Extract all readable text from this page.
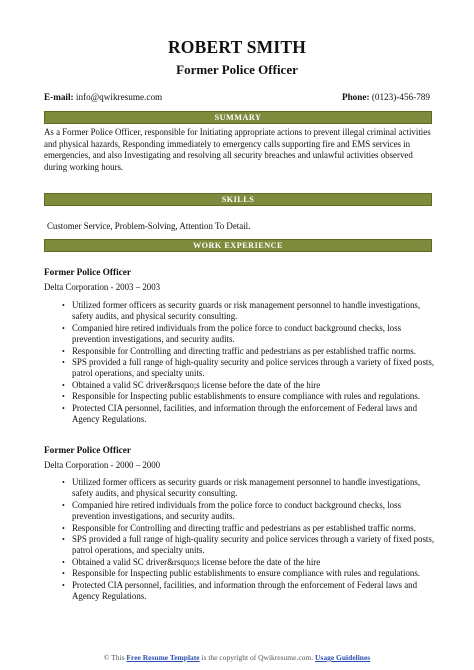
ROBERT SMITH
Former Police Officer
E-mail: info@qwikresume.com	Phone: (0123)-456-789
SUMMARY
As a Former Police Officer, responsible for Initiating appropriate actions to prevent illegal criminal activities and physical hazards, Responding immediately to emergency calls supporting fire and EMS services in emergencies, and also Investigating and resolving all security breaches and unlawful activities observed during working hours.
SKILLS
Customer Service, Problem-Solving, Attention To Detail.
WORK EXPERIENCE
Former Police Officer
Delta Corporation - 2003 – 2003
• Utilized former officers as security guards or risk management personnel to handle investigations, safety audits, and physical security consulting.
• Companied hire retired individuals from the police force to conduct background checks, loss prevention investigations, and security audits.
• Responsible for Controlling and directing traffic and pedestrians as per established traffic norms.
• SPS provided a full range of high-quality security and police services through a variety of fixed posts, patrol operations, and specialty units.
• Obtained a valid SC driver&rsquo;s license before the date of the hire
• Responsible for Inspecting public establishments to ensure compliance with rules and regulations.
• Protected CIA personnel, facilities, and information through the enforcement of Federal laws and Agency Regulations.
Former Police Officer
Delta Corporation - 2000 – 2000
• Utilized former officers as security guards or risk management personnel to handle investigations, safety audits, and physical security consulting.
• Companied hire retired individuals from the police force to conduct background checks, loss prevention investigations, and security audits.
• Responsible for Controlling and directing traffic and pedestrians as per established traffic norms.
• SPS provided a full range of high-quality security and police services through a variety of fixed posts, patrol operations, and specialty units.
• Obtained a valid SC driver&rsquo;s license before the date of the hire
• Responsible for Inspecting public establishments to ensure compliance with rules and regulations.
• Protected CIA personnel, facilities, and information through the enforcement of Federal laws and Agency Regulations.
© This Free Resume Template is the copyright of Qwikresume.com. Usage Guidelines
